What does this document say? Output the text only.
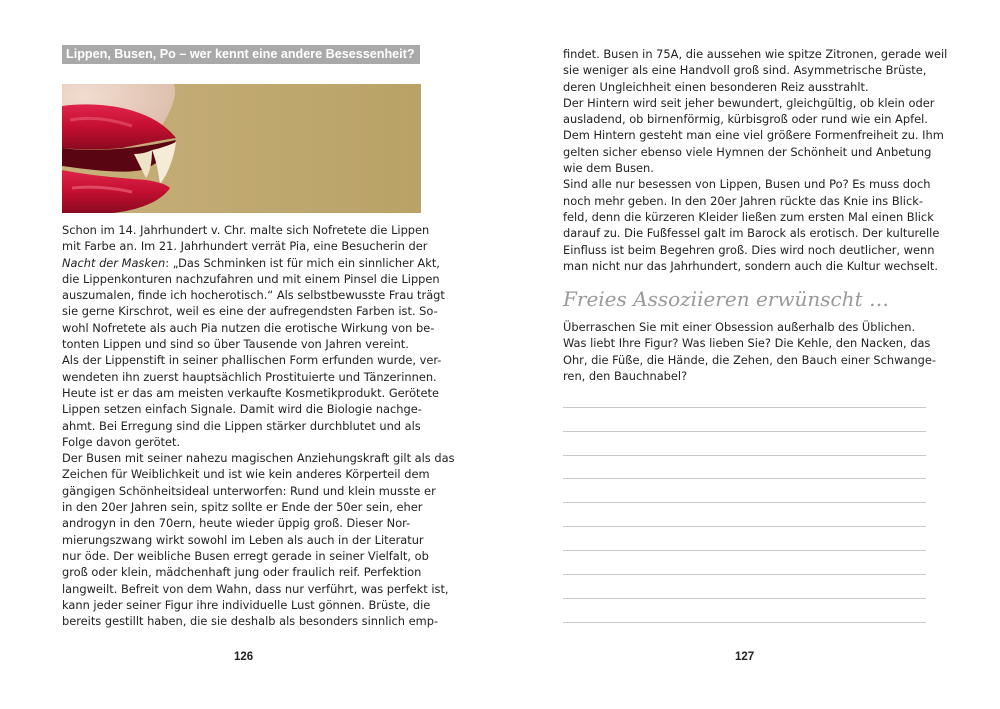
Lippen, Busen, Po – wer kennt eine andere Besessenheit?
Schon im 14. Jahrhundert v. Chr. malte sich Nofretete die Lippen
mit Farbe an. Im 21. Jahrhundert verrät Pia, eine Besucherin der
Nacht der Masken: „Das Schminken ist für mich ein sinnlicher Akt,
die Lippenkonturen nachzufahren und mit einem Pinsel die Lippen
auszumalen, finde ich hocherotisch.“ Als selbstbewusste Frau trägt
sie gerne Kirschrot, weil es eine der aufregendsten Farben ist. So-
wohl Nofretete als auch Pia nutzen die erotische Wirkung von be-
tonten Lippen und sind so über Tausende von Jahren vereint.
Als der Lippenstift in seiner phallischen Form erfunden wurde, ver-
wendeten ihn zuerst hauptsächlich Prostituierte und Tänzerinnen.
Heute ist er das am meisten verkaufte Kosmetikprodukt. Gerötete
Lippen setzen einfach Signale. Damit wird die Biologie nachge-
ahmt. Bei Erregung sind die Lippen stärker durchblutet und als
Folge davon gerötet.
Der Busen mit seiner nahezu magischen Anziehungskraft gilt als das
Zeichen für Weiblichkeit und ist wie kein anderes Körperteil dem
gängigen Schönheitsideal unterworfen: Rund und klein musste er
in den 20er Jahren sein, spitz sollte er Ende der 50er sein, eher
androgyn in den 70ern, heute wieder üppig groß. Dieser Nor-
mierungszwang wirkt sowohl im Leben als auch in der Literatur
nur öde. Der weibliche Busen erregt gerade in seiner Vielfalt, ob
groß oder klein, mädchenhaft jung oder fraulich reif. Perfektion
langweilt. Befreit von dem Wahn, dass nur verführt, was perfekt ist,
kann jeder seiner Figur ihre individuelle Lust gönnen. Brüste, die
bereits gestillt haben, die sie deshalb als besonders sinnlich emp-
126
findet. Busen in 75A, die aussehen wie spitze Zitronen, gerade weil
sie weniger als eine Handvoll groß sind. Asymmetrische Brüste,
deren Ungleichheit einen besonderen Reiz ausstrahlt.
Der Hintern wird seit jeher bewundert, gleichgültig, ob klein oder
ausladend, ob birnenförmig, kürbisgroß oder rund wie ein Apfel.
Dem Hintern gesteht man eine viel größere Formenfreiheit zu. Ihm
gelten sicher ebenso viele Hymnen der Schönheit und Anbetung
wie dem Busen.
Sind alle nur besessen von Lippen, Busen und Po? Es muss doch
noch mehr geben. In den 20er Jahren rückte das Knie ins Blick-
feld, denn die kürzeren Kleider ließen zum ersten Mal einen Blick
darauf zu. Die Fußfessel galt im Barock als erotisch. Der kulturelle
Einfluss ist beim Begehren groß. Dies wird noch deutlicher, wenn
man nicht nur das Jahrhundert, sondern auch die Kultur wechselt.
Freies Assoziieren erwünscht …
Überraschen Sie mit einer Obsession außerhalb des Üblichen.
Was liebt Ihre Figur? Was lieben Sie? Die Kehle, den Nacken, das
Ohr, die Füße, die Hände, die Zehen, den Bauch einer Schwange-
ren, den Bauchnabel?
127
